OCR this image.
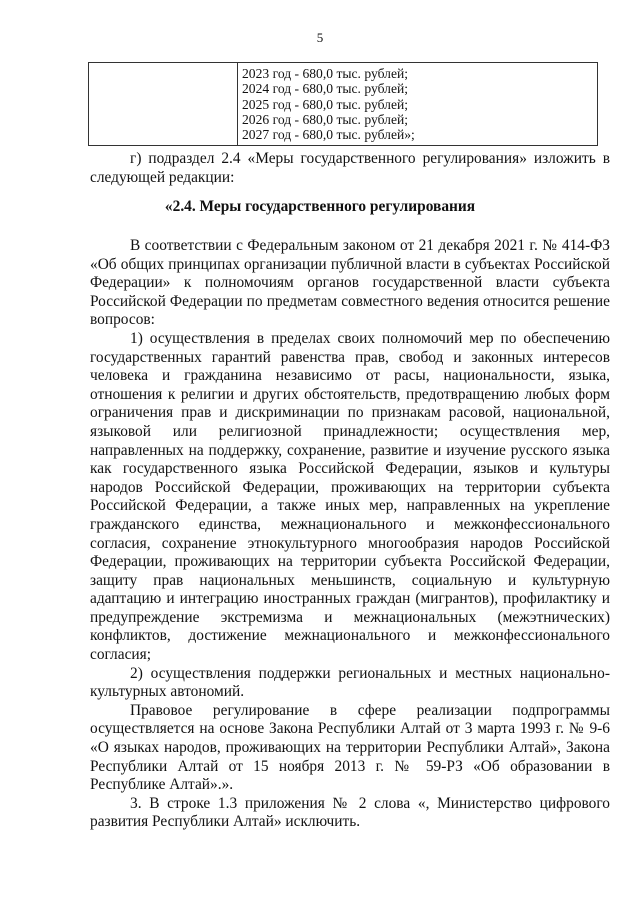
5
2023 год - 680,0 тыс. рублей;
2024 год - 680,0 тыс. рублей;
2025 год - 680,0 тыс. рублей;
2026 год - 680,0 тыс. рублей;
2027 год - 680,0 тыс. рублей»;

г) подраздел 2.4 «Меры государственного регулирования» изложить в следующей редакции:

«2.4. Меры государственного регулирования

В соответствии с Федеральным законом от 21 декабря 2021 г. № 414-ФЗ «Об общих принципах организации публичной власти в субъектах Российской Федерации» к полномочиям органов государственной власти субъекта Российской Федерации по предметам совместного ведения относится решение вопросов:

1) осуществления в пределах своих полномочий мер по обеспечению государственных гарантий равенства прав, свобод и законных интересов человека и гражданина независимо от расы, национальности, языка, отношения к религии и других обстоятельств, предотвращению любых форм ограничения прав и дискриминации по признакам расовой, национальной, языковой или религиозной принадлежности; осуществления мер, направленных на поддержку, сохранение, развитие и изучение русского языка как государственного языка Российской Федерации, языков и культуры народов Российской Федерации, проживающих на территории субъекта Российской Федерации, а также иных мер, направленных на укрепление гражданского единства, межнационального и межконфессионального согласия, сохранение этнокультурного многообразия народов Российской Федерации, проживающих на территории субъекта Российской Федерации, защиту прав национальных меньшинств, социальную и культурную адаптацию и интеграцию иностранных граждан (мигрантов), профилактику и предупреждение экстремизма и межнациональных (межэтнических) конфликтов, достижение межнационального и межконфессионального согласия;

2) осуществления поддержки региональных и местных национально-культурных автономий.

Правовое регулирование в сфере реализации подпрограммы осуществляется на основе Закона Республики Алтай от 3 марта 1993 г. № 9-6 «О языках народов, проживающих на территории Республики Алтай», Закона Республики Алтай от 15 ноября 2013 г. № 59-РЗ «Об образовании в Республике Алтай».».

3. В строке 1.3 приложения № 2 слова «, Министерство цифрового развития Республики Алтай» исключить.
